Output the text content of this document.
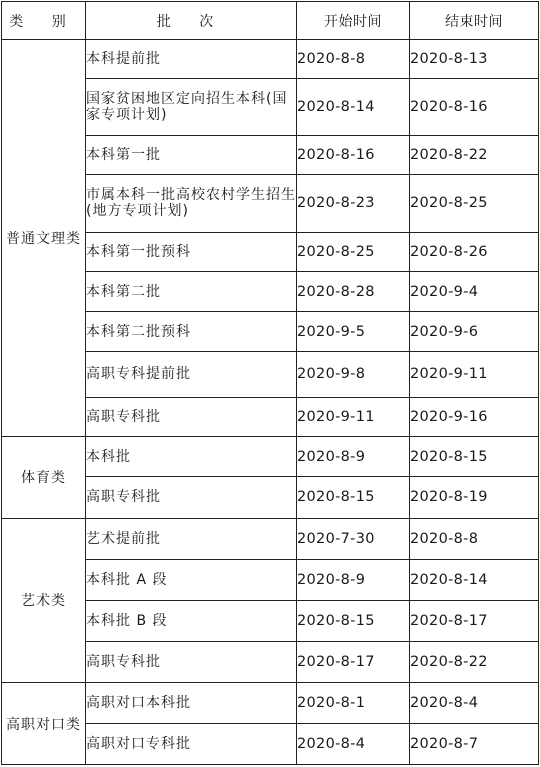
类 别	批 次	开始时间	结束时间
普通文理类	本科提前批	2020-8-8	2020-8-13
	国家贫困地区定向招生本科(国家专项计划)	2020-8-14	2020-8-16
	本科第一批	2020-8-16	2020-8-22
	市属本科一批高校农村学生招生(地方专项计划)	2020-8-23	2020-8-25
	本科第一批预科	2020-8-25	2020-8-26
	本科第二批	2020-8-28	2020-9-4
	本科第二批预科	2020-9-5	2020-9-6
	高职专科提前批	2020-9-8	2020-9-11
	高职专科批	2020-9-11	2020-9-16
体育类	本科批	2020-8-9	2020-8-15
	高职专科批	2020-8-15	2020-8-19
艺术类	艺术提前批	2020-7-30	2020-8-8
	本科批 A 段	2020-8-9	2020-8-14
	本科批 B 段	2020-8-15	2020-8-17
	高职专科批	2020-8-17	2020-8-22
高职对口类	高职对口本科批	2020-8-1	2020-8-4
	高职对口专科批	2020-8-4	2020-8-7
